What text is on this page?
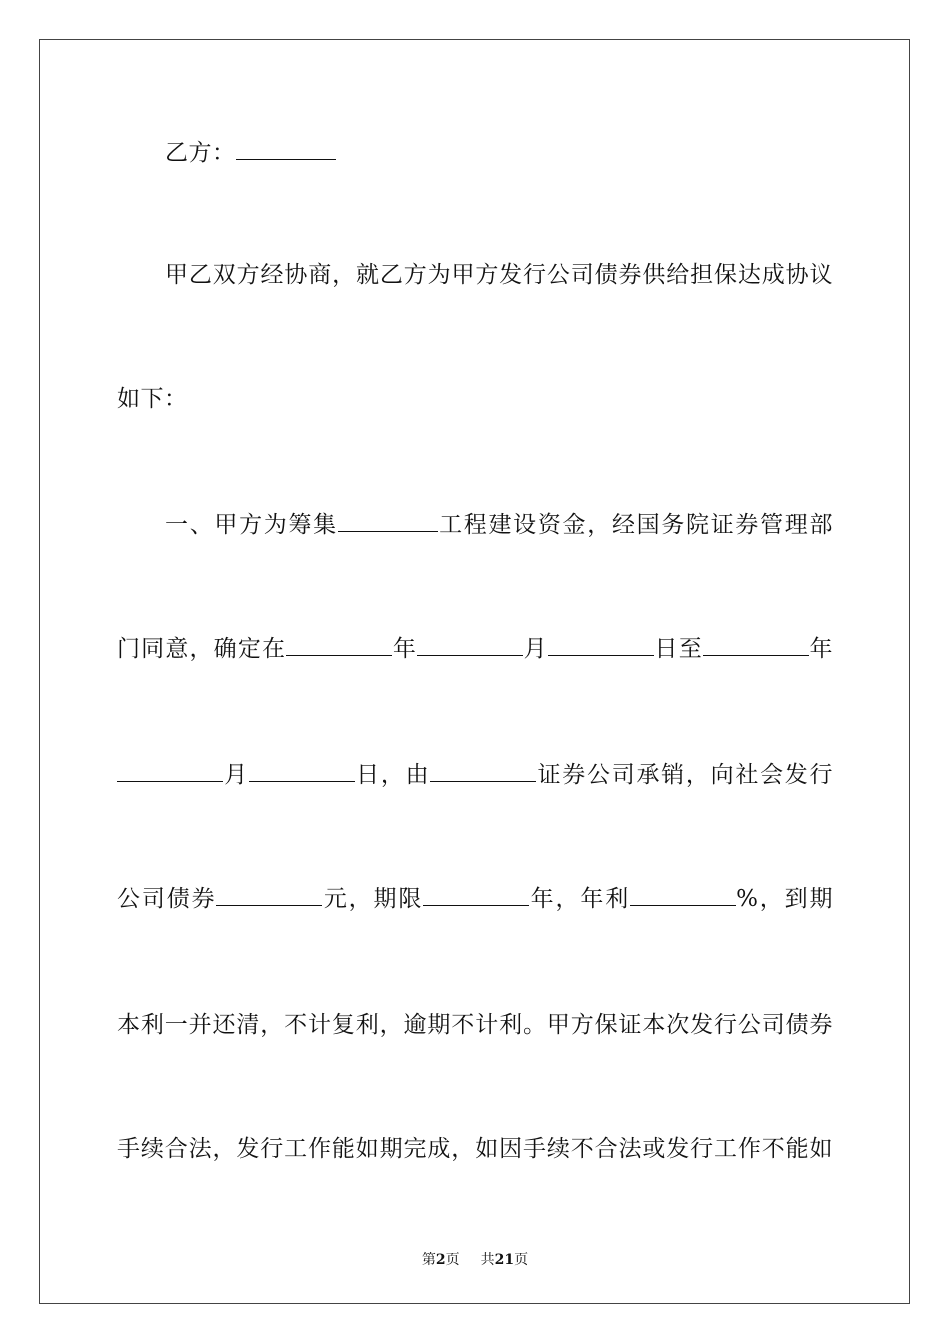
乙方：
甲乙双方经协商，就乙方为甲方发行公司债券供给担保达成协议
如下：
一、甲方为筹集	工程建设资金，经国务院证券管理部
门同意，确定在	年	月	日至	年
月	日，由	证券公司承销，向社会发行
公司债券	元，期限	年，年利	%，到期
本利一并还清，不计复利，逾期不计利。甲方保证本次发行公司债券
手续合法，发行工作能如期完成，如因手续不合法或发行工作不能如
第2页 共21页
